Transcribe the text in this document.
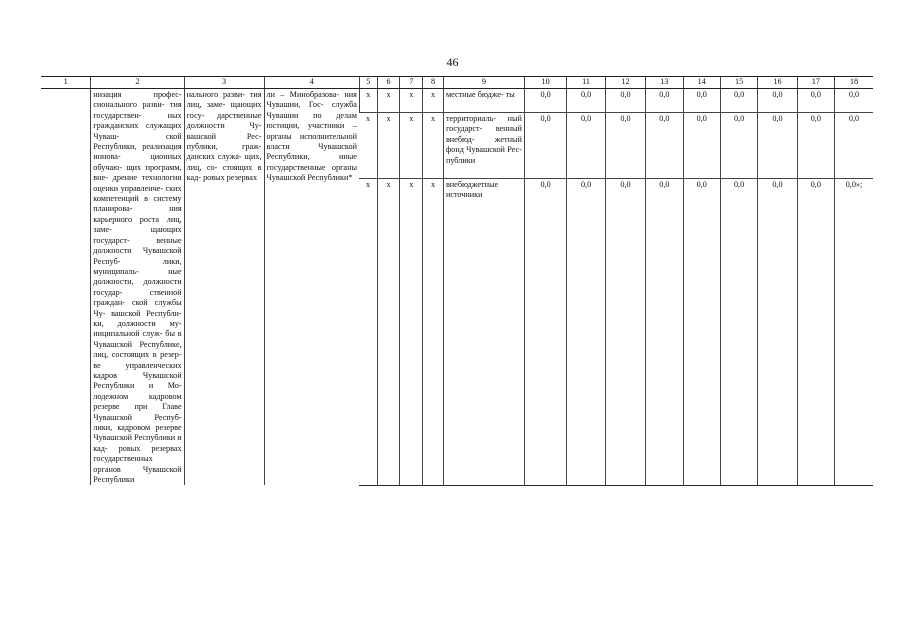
46
1	2	3	4	5	6	7	8	9	10	11	12	13	14	15	16	17	18
	низация профес- сионального разви- тия государствен- ных гражданских служащих Чуваш- ской Республики, реализация иннова- ционных обучаю- щих программ, вне- дрение технологии оценки управленче- ских компетенций в систему планирова- ния карьерного роста лиц, заме- щающих государст- венные должности Чувашской Респуб- лики, муниципаль- ные должности, должности государ- ственной граждан- ской службы Чу- вашской Республи- ки, должности му- ниципальной служ- бы в Чувашской Республике, лиц, состоящих в резер- ве управленческих кадров Чувашской Республики и Мо- лодежном кадровом резерве при Главе Чувашской Респуб- лики, кадровом резерве Чувашской Республики и кад- ровых резервах государственных органов Чувашской Республики	нального разви- тия лиц, заме- щающих госу- дарственные должности Чу- вашской Рес- публики, граж- данских служа- щих, лиц, со- стоящих в кад- ровых резервах	ли – Минобразова- ния Чувашии, Гос- служба Чувашии по делам юстиции, участники – органы исполнительной власти Чувашской Республики, иные государственные органы Чувашской Республики*	x	x	x	x	местные бюдже- ты	0,0	0,0	0,0	0,0	0,0	0,0	0,0	0,0	0,0
				x	x	x	x	территориаль- ный государст- венный внебюд- жетный фонд Чувашской Рес- публики	0,0	0,0	0,0	0,0	0,0	0,0	0,0	0,0	0,0
				x	x	x	x	внебюджетные источники	0,0	0,0	0,0	0,0	0,0	0,0	0,0	0,0	0,0»;
